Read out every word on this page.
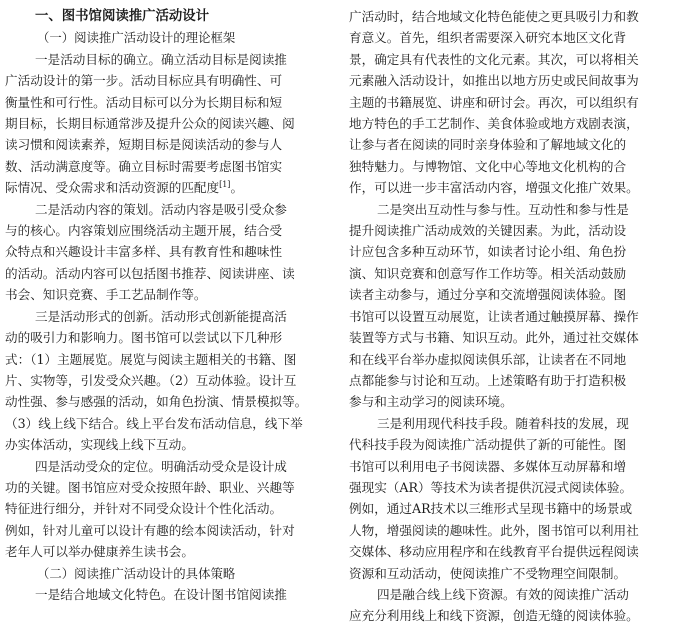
一、图书馆阅读推广活动设计
（一）阅读推广活动设计的理论框架
一是活动目标的确立。确立活动目标是阅读推
广活动设计的第一步。活动目标应具有明确性、可
衡量性和可行性。活动目标可以分为长期目标和短
期目标，长期目标通常涉及提升公众的阅读兴趣、阅
读习惯和阅读素养，短期目标是阅读活动的参与人
数、活动满意度等。确立目标时需要考虑图书馆实
际情况、受众需求和活动资源的匹配度[1]。
二是活动内容的策划。活动内容是吸引受众参
与的核心。内容策划应围绕活动主题开展，结合受
众特点和兴趣设计丰富多样、具有教育性和趣味性
的活动。活动内容可以包括图书推荐、阅读讲座、读
书会、知识竞赛、手工艺品制作等。
三是活动形式的创新。活动形式创新能提高活
动的吸引力和影响力。图书馆可以尝试以下几种形
式：（1）主题展览。展览与阅读主题相关的书籍、图
片、实物等，引发受众兴趣。（2）互动体验。设计互
动性强、参与感强的活动，如角色扮演、情景模拟等。
（3）线上线下结合。线上平台发布活动信息，线下举
办实体活动，实现线上线下互动。
四是活动受众的定位。明确活动受众是设计成
功的关键。图书馆应对受众按照年龄、职业、兴趣等
特征进行细分，并针对不同受众设计个性化活动。
例如，针对儿童可以设计有趣的绘本阅读活动，针对
老年人可以举办健康养生读书会。
（二）阅读推广活动设计的具体策略
一是结合地域文化特色。在设计图书馆阅读推
广活动时，结合地域文化特色能使之更具吸引力和教
育意义。首先，组织者需要深入研究本地区文化背
景，确定具有代表性的文化元素。其次，可以将相关
元素融入活动设计，如推出以地方历史或民间故事为
主题的书籍展览、讲座和研讨会。再次，可以组织有
地方特色的手工艺制作、美食体验或地方戏剧表演，
让参与者在阅读的同时亲身体验和了解地域文化的
独特魅力。与博物馆、文化中心等地文化机构的合
作，可以进一步丰富活动内容，增强文化推广效果。
二是突出互动性与参与性。互动性和参与性是
提升阅读推广活动成效的关键因素。为此，活动设
计应包含多种互动环节，如读者讨论小组、角色扮
演、知识竞赛和创意写作工作坊等。相关活动鼓励
读者主动参与，通过分享和交流增强阅读体验。图
书馆可以设置互动展览，让读者通过触摸屏幕、操作
装置等方式与书籍、知识互动。此外，通过社交媒体
和在线平台举办虚拟阅读俱乐部，让读者在不同地
点都能参与讨论和互动。上述策略有助于打造积极
参与和主动学习的阅读环境。
三是利用现代科技手段。随着科技的发展，现
代科技手段为阅读推广活动提供了新的可能性。图
书馆可以利用电子书阅读器、多媒体互动屏幕和增
强现实（AR）等技术为读者提供沉浸式阅读体验。
例如，通过AR技术以三维形式呈现书籍中的场景或
人物，增强阅读的趣味性。此外，图书馆可以利用社
交媒体、移动应用程序和在线教育平台提供远程阅读
资源和互动活动，使阅读推广不受物理空间限制。
四是融合线上线下资源。有效的阅读推广活动
应充分利用线上和线下资源，创造无缝的阅读体验。
